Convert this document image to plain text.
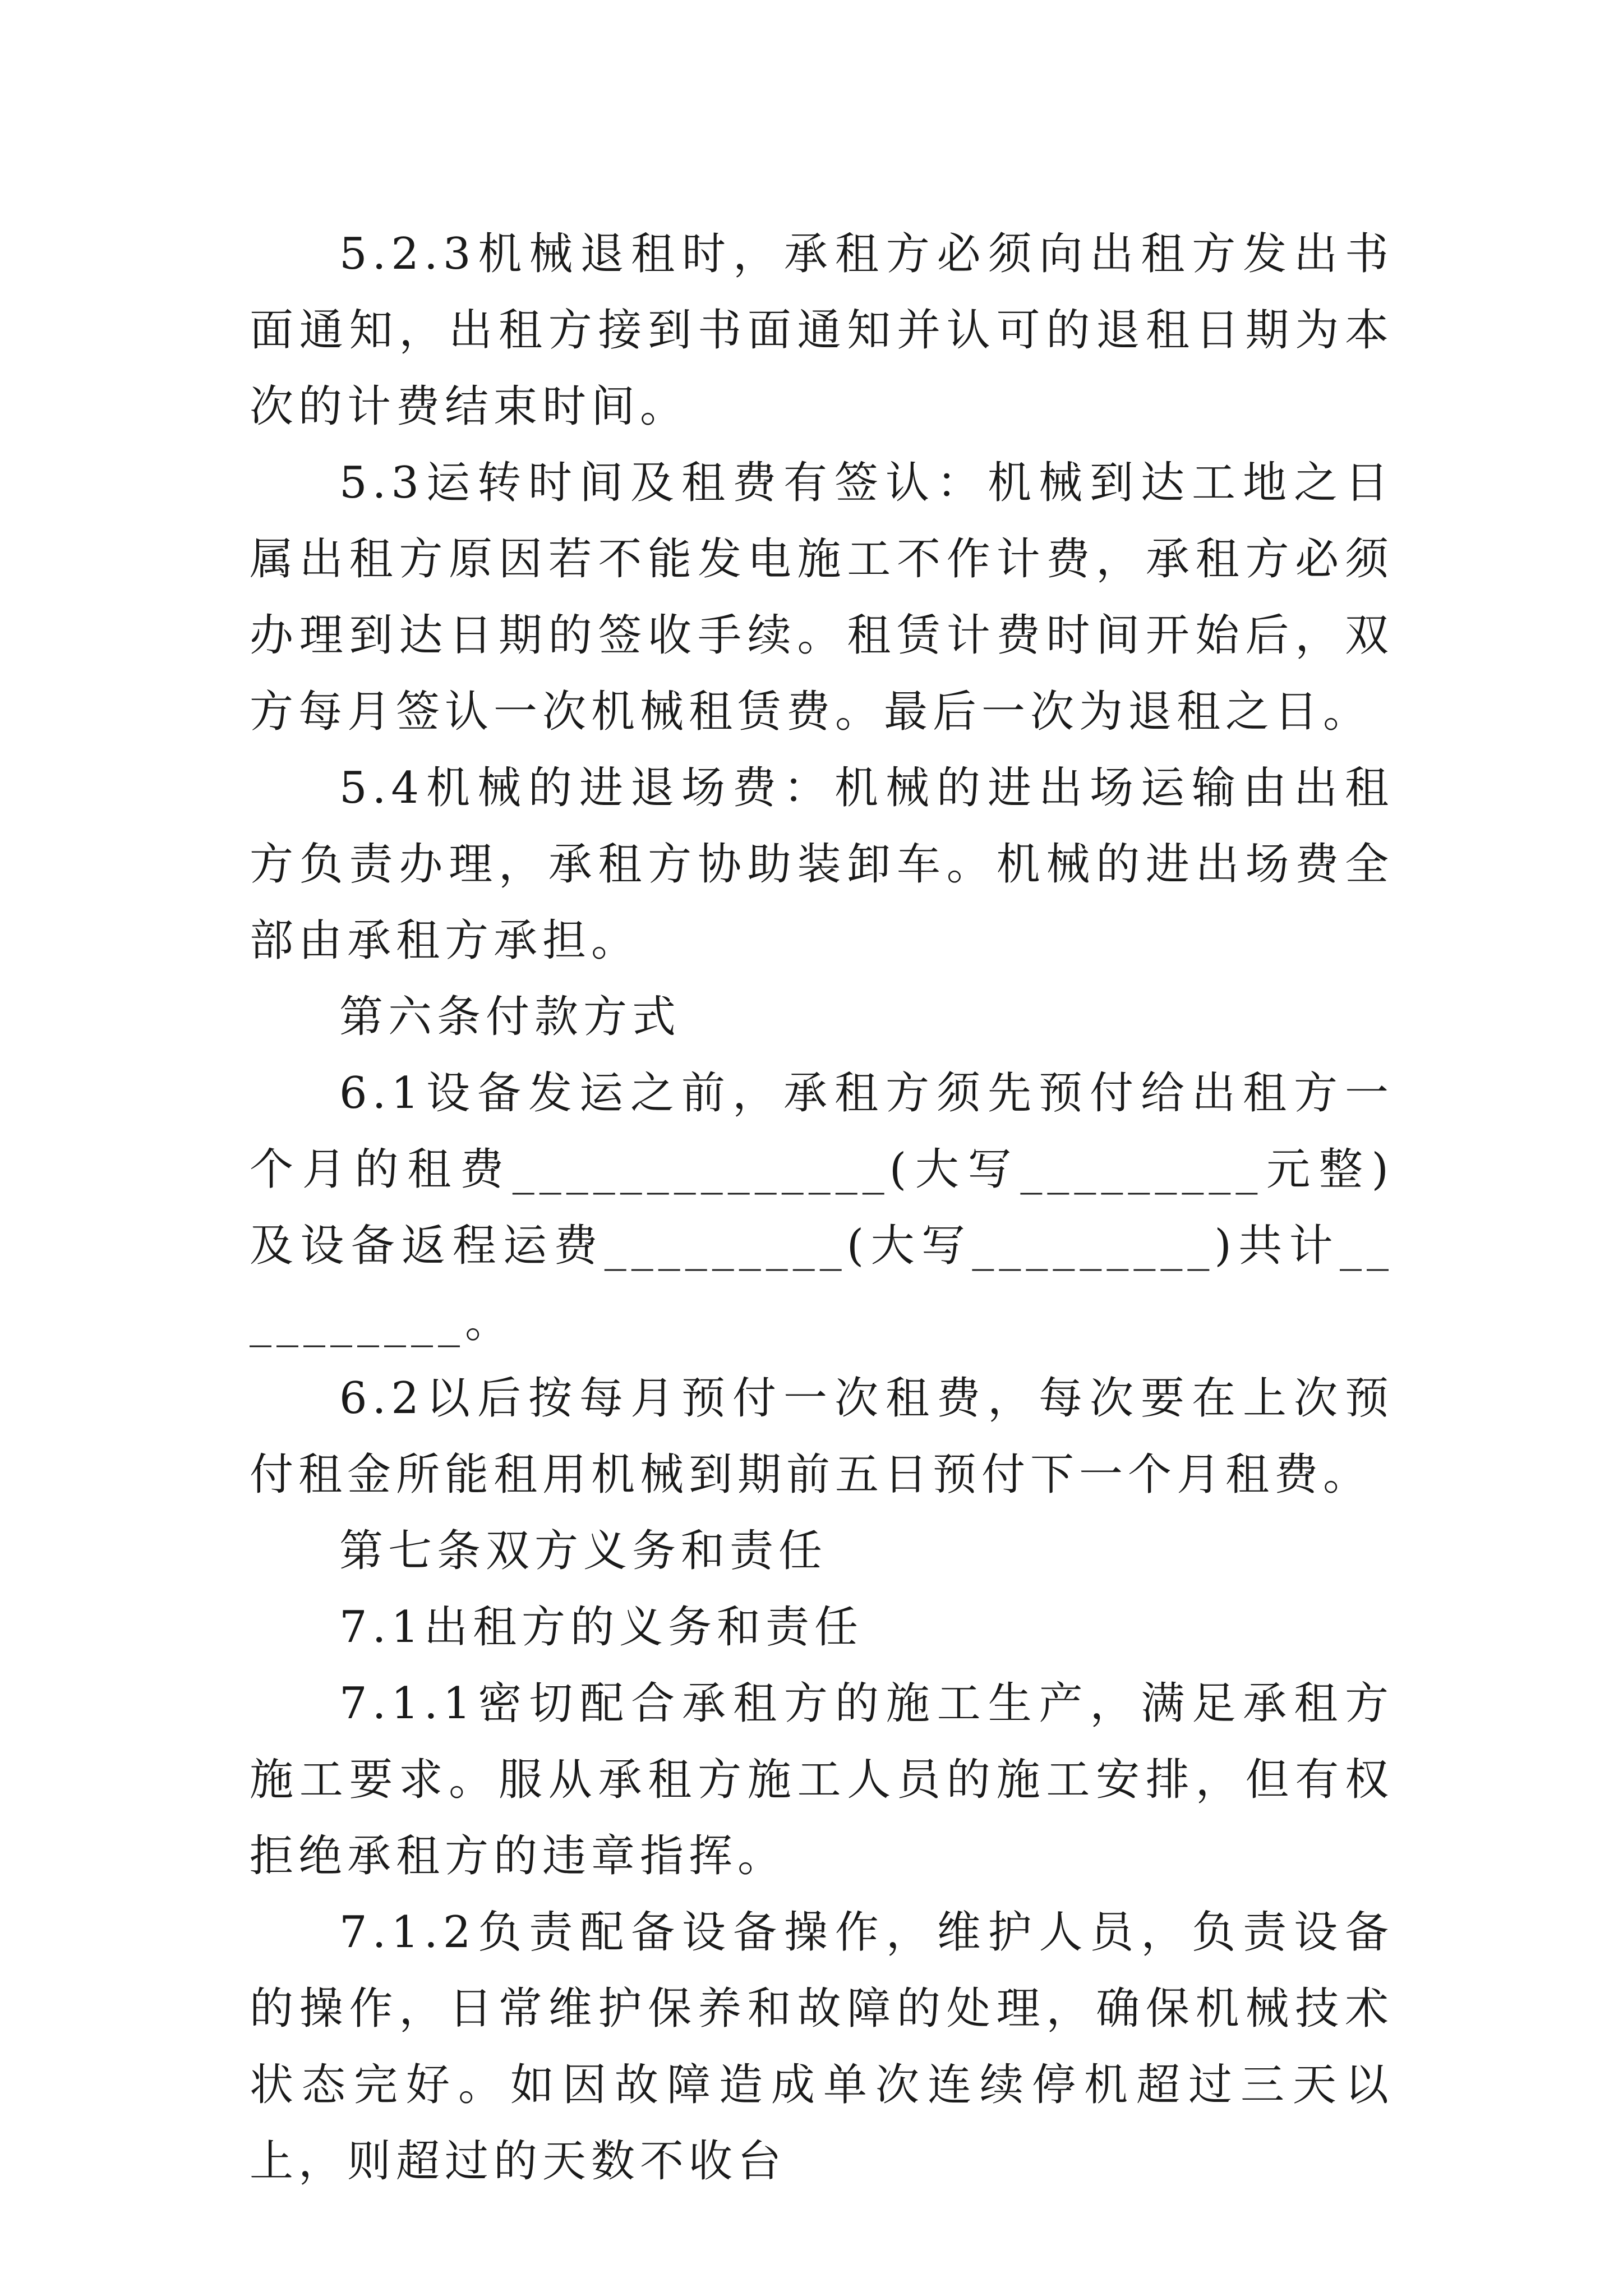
5.2.3机械退租时，承租方必须向出租方发出书面通知，出租方接到书面通知并认可的退租日期为本次的计费结束时间。

5.3运转时间及租费有签认：机械到达工地之日属出租方原因若不能发电施工不作计费，承租方必须办理到达日期的签收手续。租赁计费时间开始后，双方每月签认一次机械租赁费。最后一次为退租之日。

5.4机械的进退场费：机械的进出场运输由出租方负责办理，承租方协助装卸车。机械的进出场费全部由承租方承担。

第六条付款方式

6.1设备发运之前，承租方须先预付给出租方一个月的租费______________(大写_________元整)及设备返程运费_________(大写_________)共计__________。

6.2以后按每月预付一次租费，每次要在上次预付租金所能租用机械到期前五日预付下一个月租费。

第七条双方义务和责任

7.1出租方的义务和责任

7.1.1密切配合承租方的施工生产，满足承租方施工要求。服从承租方施工人员的施工安排，但有权拒绝承租方的违章指挥。

7.1.2负责配备设备操作，维护人员，负责设备的操作，日常维护保养和故障的处理，确保机械技术状态完好。如因故障造成单次连续停机超过三天以上，则超过的天数不收台
